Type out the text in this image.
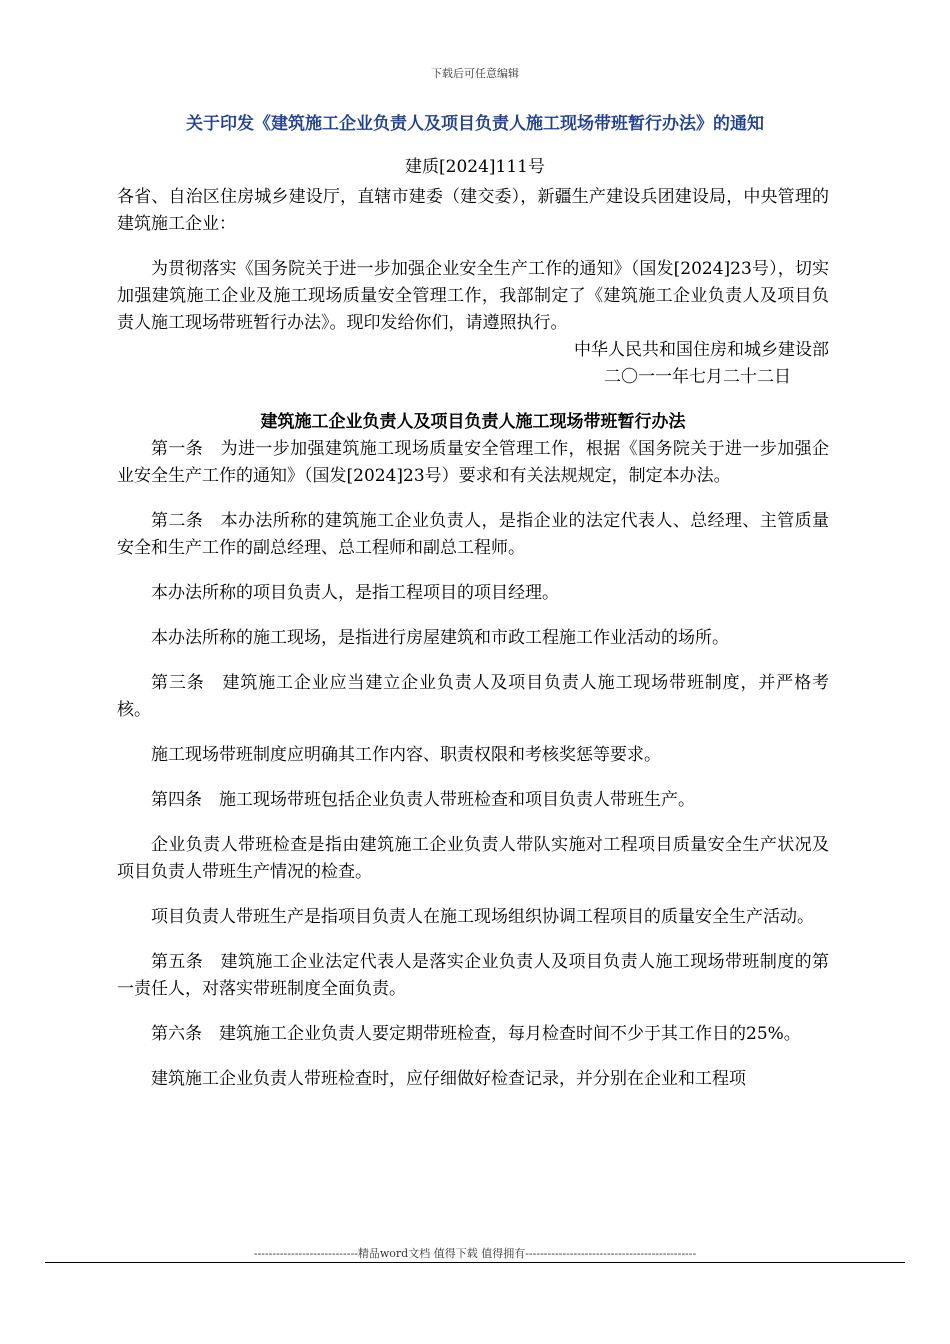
下载后可任意编辑
关于印发《建筑施工企业负责人及项目负责人施工现场带班暂行办法》的通知
建质[2024]111号

各省、自治区住房城乡建设厅，直辖市建委（建交委），新疆生产建设兵团建设局，中央管理的建筑施工企业：

为贯彻落实《国务院关于进一步加强企业安全生产工作的通知》（国发[2024]23号），切实加强建筑施工企业及施工现场质量安全管理工作，我部制定了《建筑施工企业负责人及项目负责人施工现场带班暂行办法》。现印发给你们，请遵照执行。

中华人民共和国住房和城乡建设部

二〇一一年七月二十二日

建筑施工企业负责人及项目负责人施工现场带班暂行办法

第一条　为进一步加强建筑施工现场质量安全管理工作，根据《国务院关于进一步加强企业安全生产工作的通知》（国发[2024]23号）要求和有关法规规定，制定本办法。

第二条　本办法所称的建筑施工企业负责人，是指企业的法定代表人、总经理、主管质量安全和生产工作的副总经理、总工程师和副总工程师。

本办法所称的项目负责人，是指工程项目的项目经理。

本办法所称的施工现场，是指进行房屋建筑和市政工程施工作业活动的场所。

第三条　建筑施工企业应当建立企业负责人及项目负责人施工现场带班制度，并严格考核。

施工现场带班制度应明确其工作内容、职责权限和考核奖惩等要求。

第四条　施工现场带班包括企业负责人带班检查和项目负责人带班生产。

企业负责人带班检查是指由建筑施工企业负责人带队实施对工程项目质量安全生产状况及项目负责人带班生产情况的检查。

项目负责人带班生产是指项目负责人在施工现场组织协调工程项目的质量安全生产活动。

第五条　建筑施工企业法定代表人是落实企业负责人及项目负责人施工现场带班制度的第一责任人，对落实带班制度全面负责。

第六条　建筑施工企业负责人要定期带班检查，每月检查时间不少于其工作日的25%。

建筑施工企业负责人带班检查时，应仔细做好检查记录，并分别在企业和工程项

----------------------------精品word文档 值得下载 值得拥有----------------------------------------------
